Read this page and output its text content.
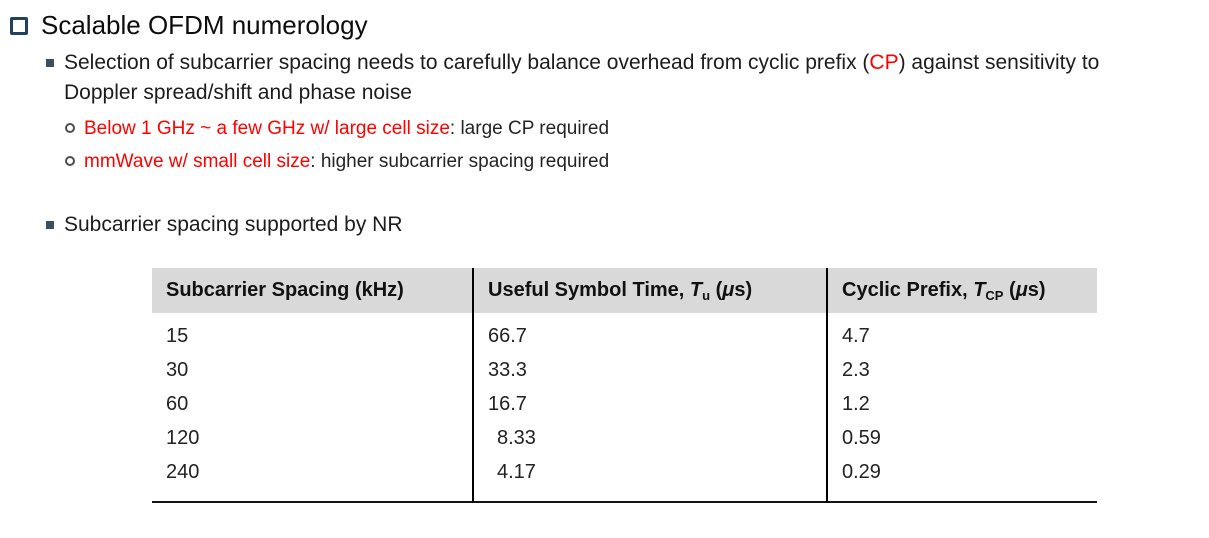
Scalable OFDM numerology
Selection of subcarrier spacing needs to carefully balance overhead from cyclic prefix (CP) against sensitivity to Doppler spread/shift and phase noise
Below 1 GHz ~ a few GHz w/ large cell size: large CP required
mmWave w/ small cell size: higher subcarrier spacing required
Subcarrier spacing supported by NR
Subcarrier Spacing (kHz)	Useful Symbol Time, $T_u$ (μs)	Cyclic Prefix, $T_{CP}$ (μs)
15	66.7	4.7
30	33.3	2.3
60	16.7	1.2
120	8.33	0.59
240	4.17	0.29
